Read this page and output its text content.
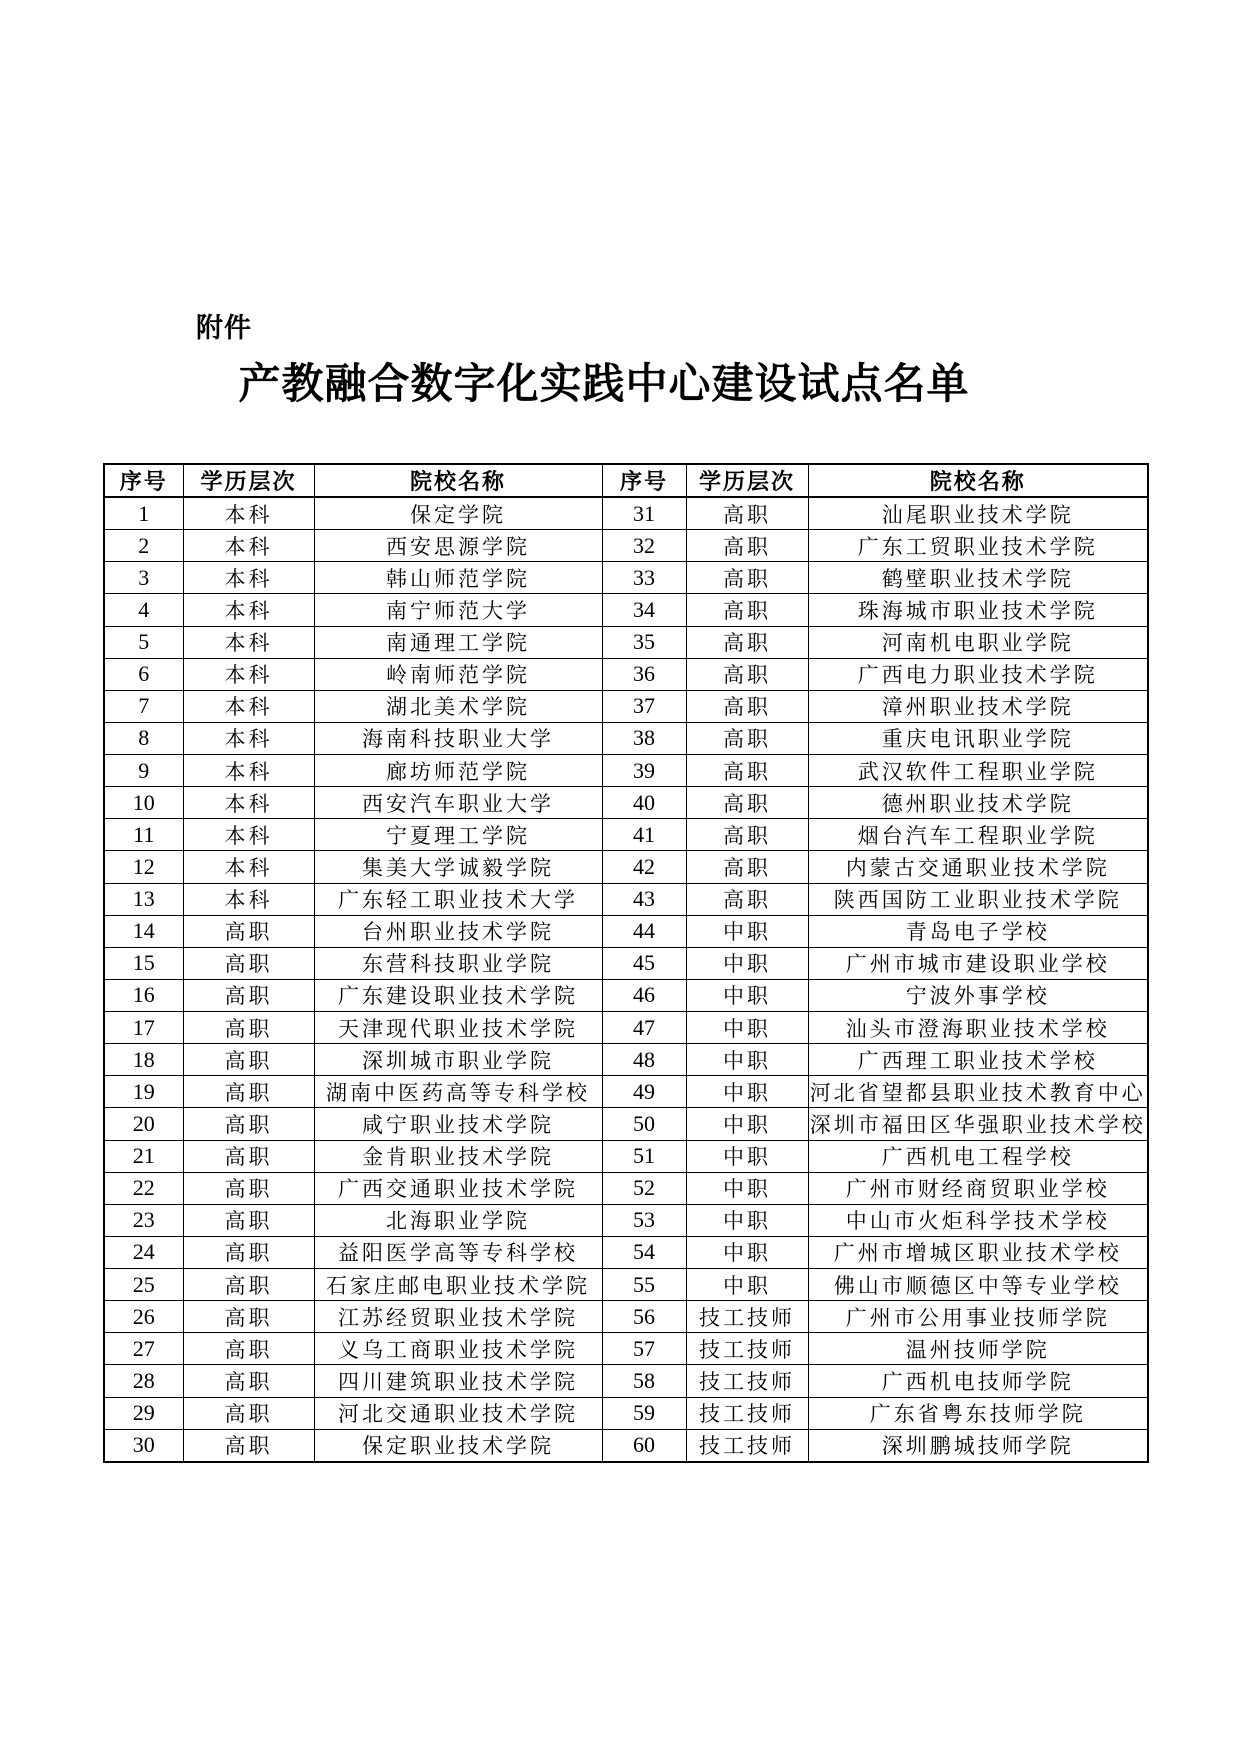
附件
产教融合数字化实践中心建设试点名单
序号	学历层次	院校名称	序号	学历层次	院校名称
1	本科	保定学院	31	高职	汕尾职业技术学院
2	本科	西安思源学院	32	高职	广东工贸职业技术学院
3	本科	韩山师范学院	33	高职	鹤壁职业技术学院
4	本科	南宁师范大学	34	高职	珠海城市职业技术学院
5	本科	南通理工学院	35	高职	河南机电职业学院
6	本科	岭南师范学院	36	高职	广西电力职业技术学院
7	本科	湖北美术学院	37	高职	漳州职业技术学院
8	本科	海南科技职业大学	38	高职	重庆电讯职业学院
9	本科	廊坊师范学院	39	高职	武汉软件工程职业学院
10	本科	西安汽车职业大学	40	高职	德州职业技术学院
11	本科	宁夏理工学院	41	高职	烟台汽车工程职业学院
12	本科	集美大学诚毅学院	42	高职	内蒙古交通职业技术学院
13	本科	广东轻工职业技术大学	43	高职	陕西国防工业职业技术学院
14	高职	台州职业技术学院	44	中职	青岛电子学校
15	高职	东营科技职业学院	45	中职	广州市城市建设职业学校
16	高职	广东建设职业技术学院	46	中职	宁波外事学校
17	高职	天津现代职业技术学院	47	中职	汕头市澄海职业技术学校
18	高职	深圳城市职业学院	48	中职	广西理工职业技术学校
19	高职	湖南中医药高等专科学校	49	中职	河北省望都县职业技术教育中心
20	高职	咸宁职业技术学院	50	中职	深圳市福田区华强职业技术学校
21	高职	金肯职业技术学院	51	中职	广西机电工程学校
22	高职	广西交通职业技术学院	52	中职	广州市财经商贸职业学校
23	高职	北海职业学院	53	中职	中山市火炬科学技术学校
24	高职	益阳医学高等专科学校	54	中职	广州市增城区职业技术学校
25	高职	石家庄邮电职业技术学院	55	中职	佛山市顺德区中等专业学校
26	高职	江苏经贸职业技术学院	56	技工技师	广州市公用事业技师学院
27	高职	义乌工商职业技术学院	57	技工技师	温州技师学院
28	高职	四川建筑职业技术学院	58	技工技师	广西机电技师学院
29	高职	河北交通职业技术学院	59	技工技师	广东省粤东技师学院
30	高职	保定职业技术学院	60	技工技师	深圳鹏城技师学院
